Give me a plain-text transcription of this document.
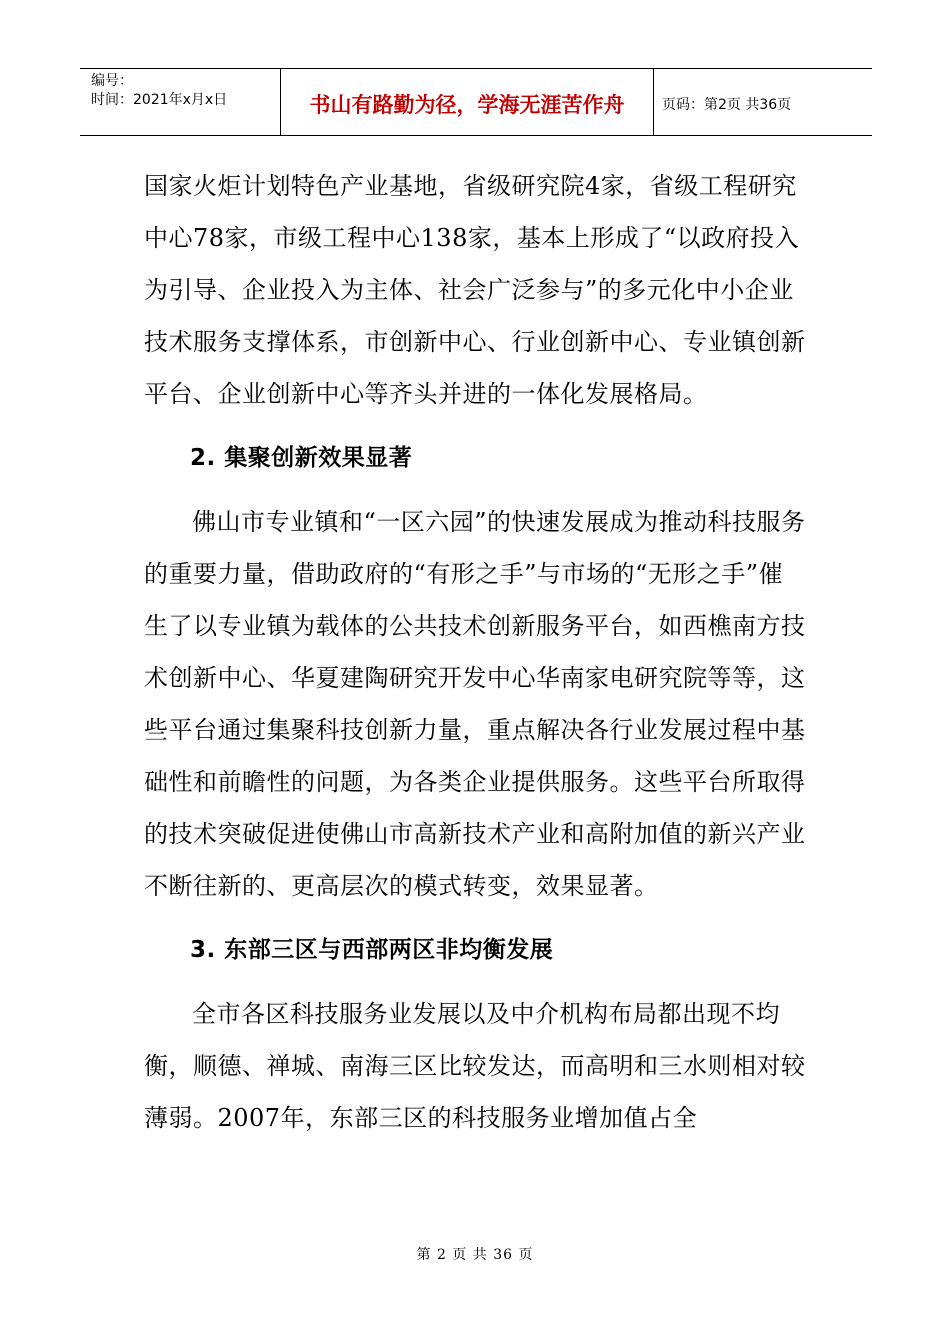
编号：
时间：2021年x月x日	书山有路勤为径，学海无涯苦作舟	页码：第2页 共36页

国家火炬计划特色产业基地，省级研究院4家，省级工程研究中心78家，市级工程中心138家，基本上形成了“以政府投入为引导、企业投入为主体、社会广泛参与”的多元化中小企业技术服务支撑体系，市创新中心、行业创新中心、专业镇创新平台、企业创新中心等齐头并进的一体化发展格局。

2. 集聚创新效果显著

佛山市专业镇和“一区六园”的快速发展成为推动科技服务的重要力量，借助政府的“有形之手”与市场的“无形之手”催生了以专业镇为载体的公共技术创新服务平台，如西樵南方技术创新中心、华夏建陶研究开发中心华南家电研究院等等，这些平台通过集聚科技创新力量，重点解决各行业发展过程中基础性和前瞻性的问题，为各类企业提供服务。这些平台所取得的技术突破促进使佛山市高新技术产业和高附加值的新兴产业不断往新的、更高层次的模式转变，效果显著。

3. 东部三区与西部两区非均衡发展

全市各区科技服务业发展以及中介机构布局都出现不均衡，顺德、禅城、南海三区比较发达，而高明和三水则相对较薄弱。2007年，东部三区的科技服务业增加值占全

第 2 页 共 36 页
